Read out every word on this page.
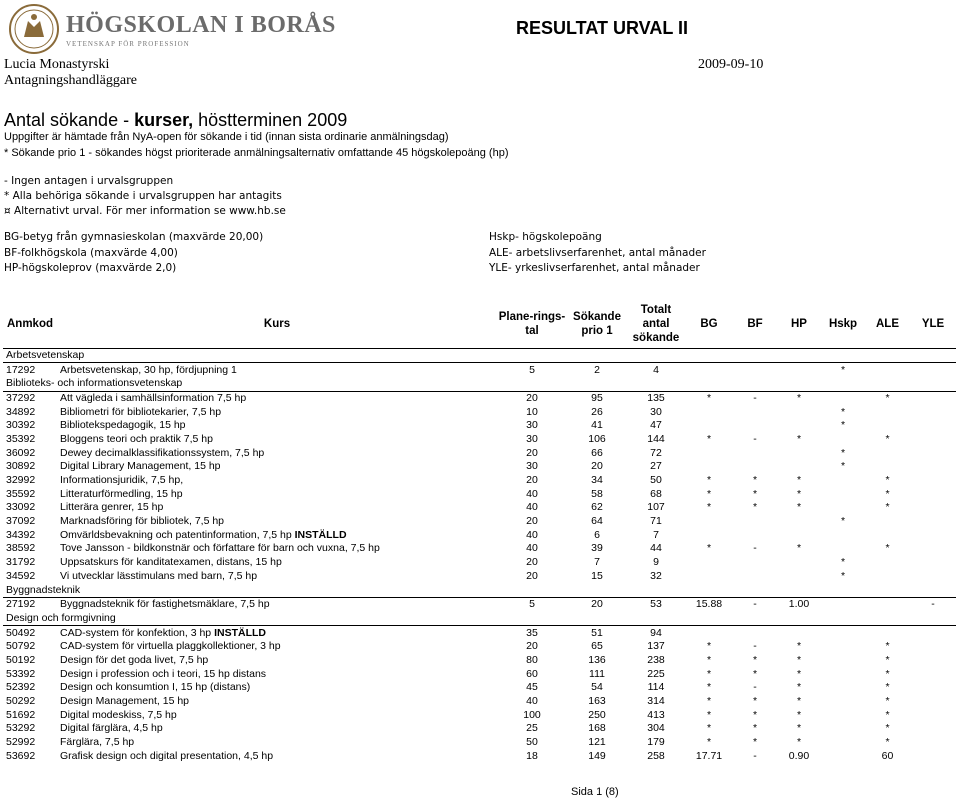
HÖGSKOLAN I BORÅS
VETENSKAP FÖR PROFESSION
RESULTAT URVAL II
Lucia Monastyrski
Antagningshandläggare
2009-09-10
Antal sökande - kurser, höstterminen 2009
Uppgifter är hämtade från NyA-open för sökande i tid (innan sista ordinarie anmälningsdag)
* Sökande prio 1 - sökandes högst prioriterade anmälningsalternativ omfattande 45 högskolepoäng (hp)
- Ingen antagen i urvalsgruppen
* Alla behöriga sökande i urvalsgruppen har antagits
¤ Alternativt urval. För mer information se www.hb.se
BG-betyg från gymnasieskolan (maxvärde 20,00)
BF-folkhögskola (maxvärde 4,00)
HP-högskoleprov (maxvärde 2,0)
Hskp- högskolepoäng
ALE- arbetslivserfarenhet, antal månader
YLE- yrkeslivserfarenhet, antal månader
Anmkod	Kurs	Plane-rings-tal	Sökande prio 1	Totalt antal sökande	BG	BF	HP	Hskp	ALE	YLE
Arbetsvetenskap										
17292	Arbetsvetenskap, 30 hp, fördjupning 1	5	2	4				*		
Biblioteks- och informationsvetenskap										
37292	Att vägleda i samhällsinformation 7,5 hp	20	95	135	*	-	*		*	
34892	Bibliometri för bibliotekarier, 7,5 hp	10	26	30				*		
30392	Bibliotekspedagogik, 15 hp	30	41	47				*		
35392	Bloggens teori och praktik 7,5 hp	30	106	144	*	-	*		*	
36092	Dewey decimalklassifikationssystem, 7,5 hp	20	66	72				*		
30892	Digital Library Management, 15 hp	30	20	27				*		
32992	Informationsjuridik, 7,5 hp,	20	34	50	*	*	*		*	
35592	Litteraturförmedling, 15 hp	40	58	68	*	*	*		*	
33092	Litterära genrer, 15 hp	40	62	107	*	*	*		*	
37092	Marknadsföring för bibliotek, 7,5 hp	20	64	71				*		
34392	Omvärldsbevakning och patentinformation, 7,5 hp INSTÄLLD	40	6	7						
38592	Tove Jansson - bildkonstnär och författare för barn och vuxna, 7,5 hp	40	39	44	*	-	*		*	
31792	Uppsatskurs för kanditatexamen, distans, 15 hp	20	7	9				*		
34592	Vi utvecklar lässtimulans med barn, 7,5 hp	20	15	32				*		
Byggnadsteknik										
27192	Byggnadsteknik för fastighetsmäklare, 7,5 hp	5	20	53	15.88	-	1.00			-
Design och formgivning										
50492	CAD-system för konfektion, 3 hp INSTÄLLD	35	51	94						
50792	CAD-system för virtuella plaggkollektioner, 3 hp	20	65	137	*	-	*		*	
50192	Design för det goda livet, 7,5 hp	80	136	238	*	*	*		*	
53392	Design i profession och i teori, 15 hp distans	60	111	225	*	*	*		*	
52392	Design och konsumtion I, 15 hp (distans)	45	54	114	*	-	*		*	
50292	Design Management, 15 hp	40	163	314	*	*	*		*	
51692	Digital modeskiss, 7,5 hp	100	250	413	*	*	*		*	
53292	Digital färglära, 4,5 hp	25	168	304	*	*	*		*	
52992	Färglära, 7,5 hp	50	121	179	*	*	*		*	
53692	Grafisk design och digital presentation, 4,5 hp	18	149	258	17.71	-	0.90		60	
Sida 1 (8)
